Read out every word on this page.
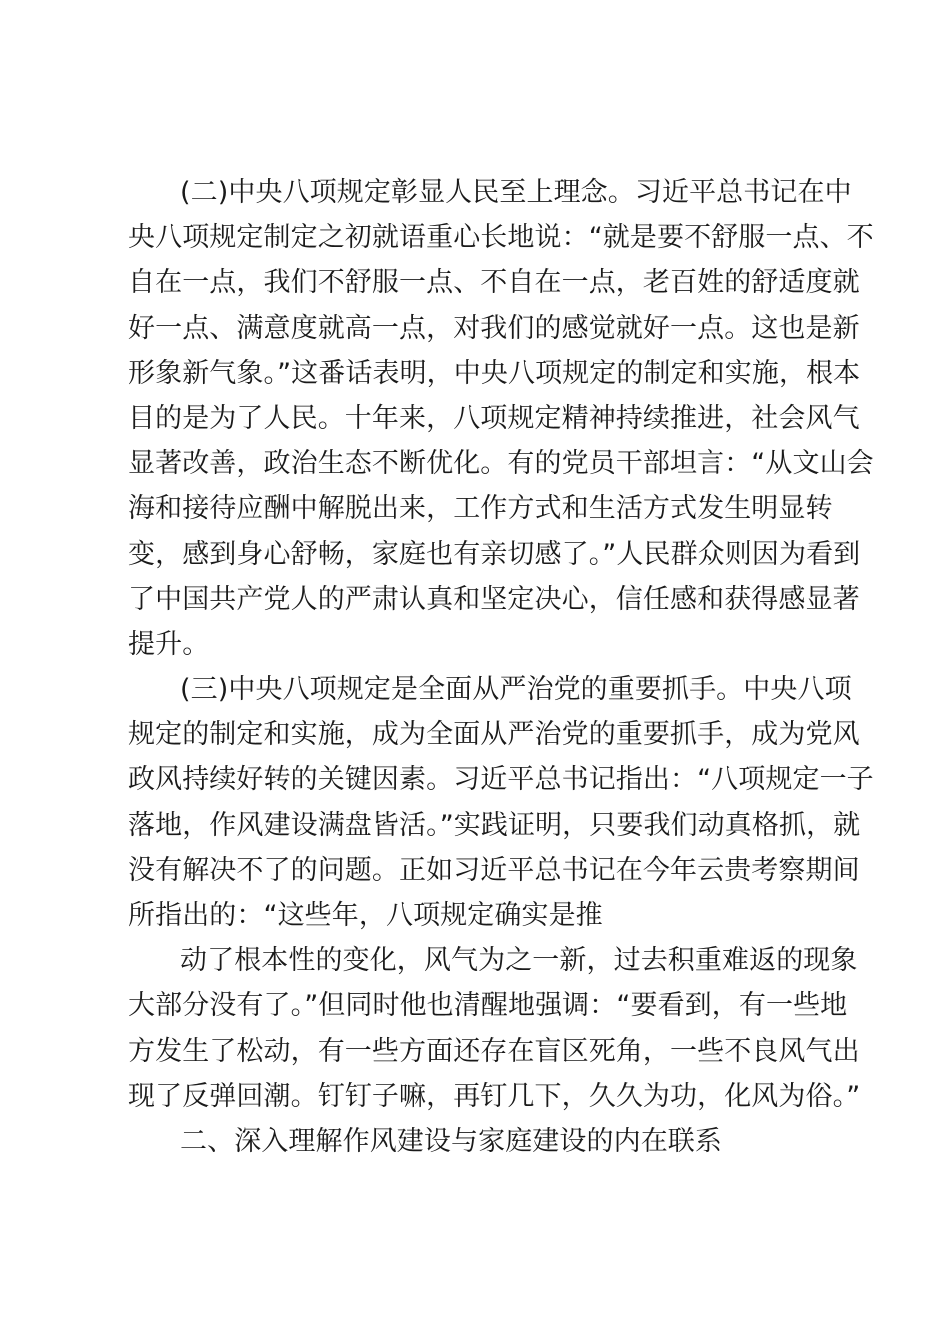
(二)中央八项规定彰显人民至上理念。习近平总书记在中
央八项规定制定之初就语重心长地说：“就是要不舒服一点、不
自在一点，我们不舒服一点、不自在一点，老百姓的舒适度就
好一点、满意度就高一点，对我们的感觉就好一点。这也是新
形象新气象。”这番话表明，中央八项规定的制定和实施，根本
目的是为了人民。十年来，八项规定精神持续推进，社会风气
显著改善，政治生态不断优化。有的党员干部坦言：“从文山会
海和接待应酬中解脱出来，工作方式和生活方式发生明显转
变，感到身心舒畅，家庭也有亲切感了。”人民群众则因为看到
了中国共产党人的严肃认真和坚定决心，信任感和获得感显著
提升。
(三)中央八项规定是全面从严治党的重要抓手。中央八项
规定的制定和实施，成为全面从严治党的重要抓手，成为党风
政风持续好转的关键因素。习近平总书记指出：“八项规定一子
落地，作风建设满盘皆活。”实践证明，只要我们动真格抓，就
没有解决不了的问题。正如习近平总书记在今年云贵考察期间
所指出的：“这些年，八项规定确实是推
动了根本性的变化，风气为之一新，过去积重难返的现象
大部分没有了。”但同时他也清醒地强调：“要看到，有一些地
方发生了松动，有一些方面还存在盲区死角，一些不良风气出
现了反弹回潮。钉钉子嘛，再钉几下，久久为功，化风为俗。”
二、深入理解作风建设与家庭建设的内在联系
